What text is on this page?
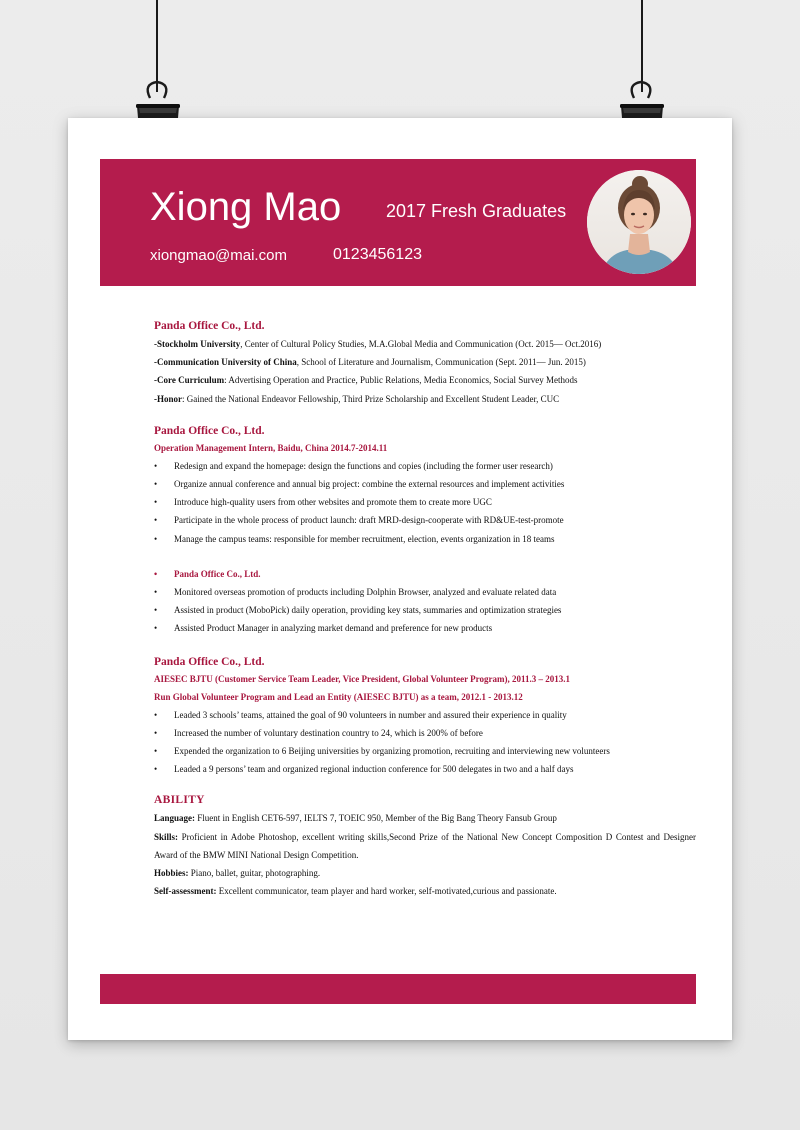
Xiong Mao 2017 Fresh Graduates
xiongmao@mai.com	0123456123

Panda Office Co., Ltd.

-Stockholm University, Center of Cultural Policy Studies, M.A.Global Media and Communication (Oct. 2015— Oct.2016)

-Communication University of China, School of Literature and Journalism, Communication (Sept. 2011— Jun. 2015)

-Core Curriculum: Advertising Operation and Practice, Public Relations, Media Economics, Social Survey Methods

-Honor: Gained the National Endeavor Fellowship, Third Prize Scholarship and Excellent Student Leader, CUC

Panda Office Co., Ltd.

Operation Management Intern, Baidu, China 2014.7-2014.11

• Redesign and expand the homepage: design the functions and copies (including the former user research)
• Organize annual conference and annual big project: combine the external resources and implement activities
• Introduce high-quality users from other websites and promote them to create more UGC
• Participate in the whole process of product launch: draft MRD-design-cooperate with RD&UE-test-promote
• Manage the campus teams: responsible for member recruitment, election, events organization in 18 teams
• Panda Office Co., Ltd.
• Monitored overseas promotion of products including Dolphin Browser, analyzed and evaluate related data
• Assisted in product (MoboPick) daily operation, providing key stats, summaries and optimization strategies
• Assisted Product Manager in analyzing market demand and preference for new products

Panda Office Co., Ltd.

AIESEC BJTU (Customer Service Team Leader, Vice President, Global Volunteer Program), 2011.3 – 2013.1

Run Global Volunteer Program and Lead an Entity (AIESEC BJTU) as a team, 2012.1 - 2013.12

• Leaded 3 schools’ teams, attained the goal of 90 volunteers in number and assured their experience in quality
• Increased the number of voluntary destination country to 24, which is 200% of before
• Expended the organization to 6 Beijing universities by organizing promotion, recruiting and interviewing new volunteers
• Leaded a 9 persons’ team and organized regional induction conference for 500 delegates in two and a half days

ABILITY

Language: Fluent in English CET6-597, IELTS 7, TOEIC 950, Member of the Big Bang Theory Fansub Group

Skills: Proficient in Adobe Photoshop, excellent writing skills,Second Prize of the National New Concept Composition D Contest and Designer Award of the BMW MINI National Design Competition.

Hobbies: Piano, ballet, guitar, photographing.

Self-assessment: Excellent communicator, team player and hard worker, self-motivated,curious and passionate.
